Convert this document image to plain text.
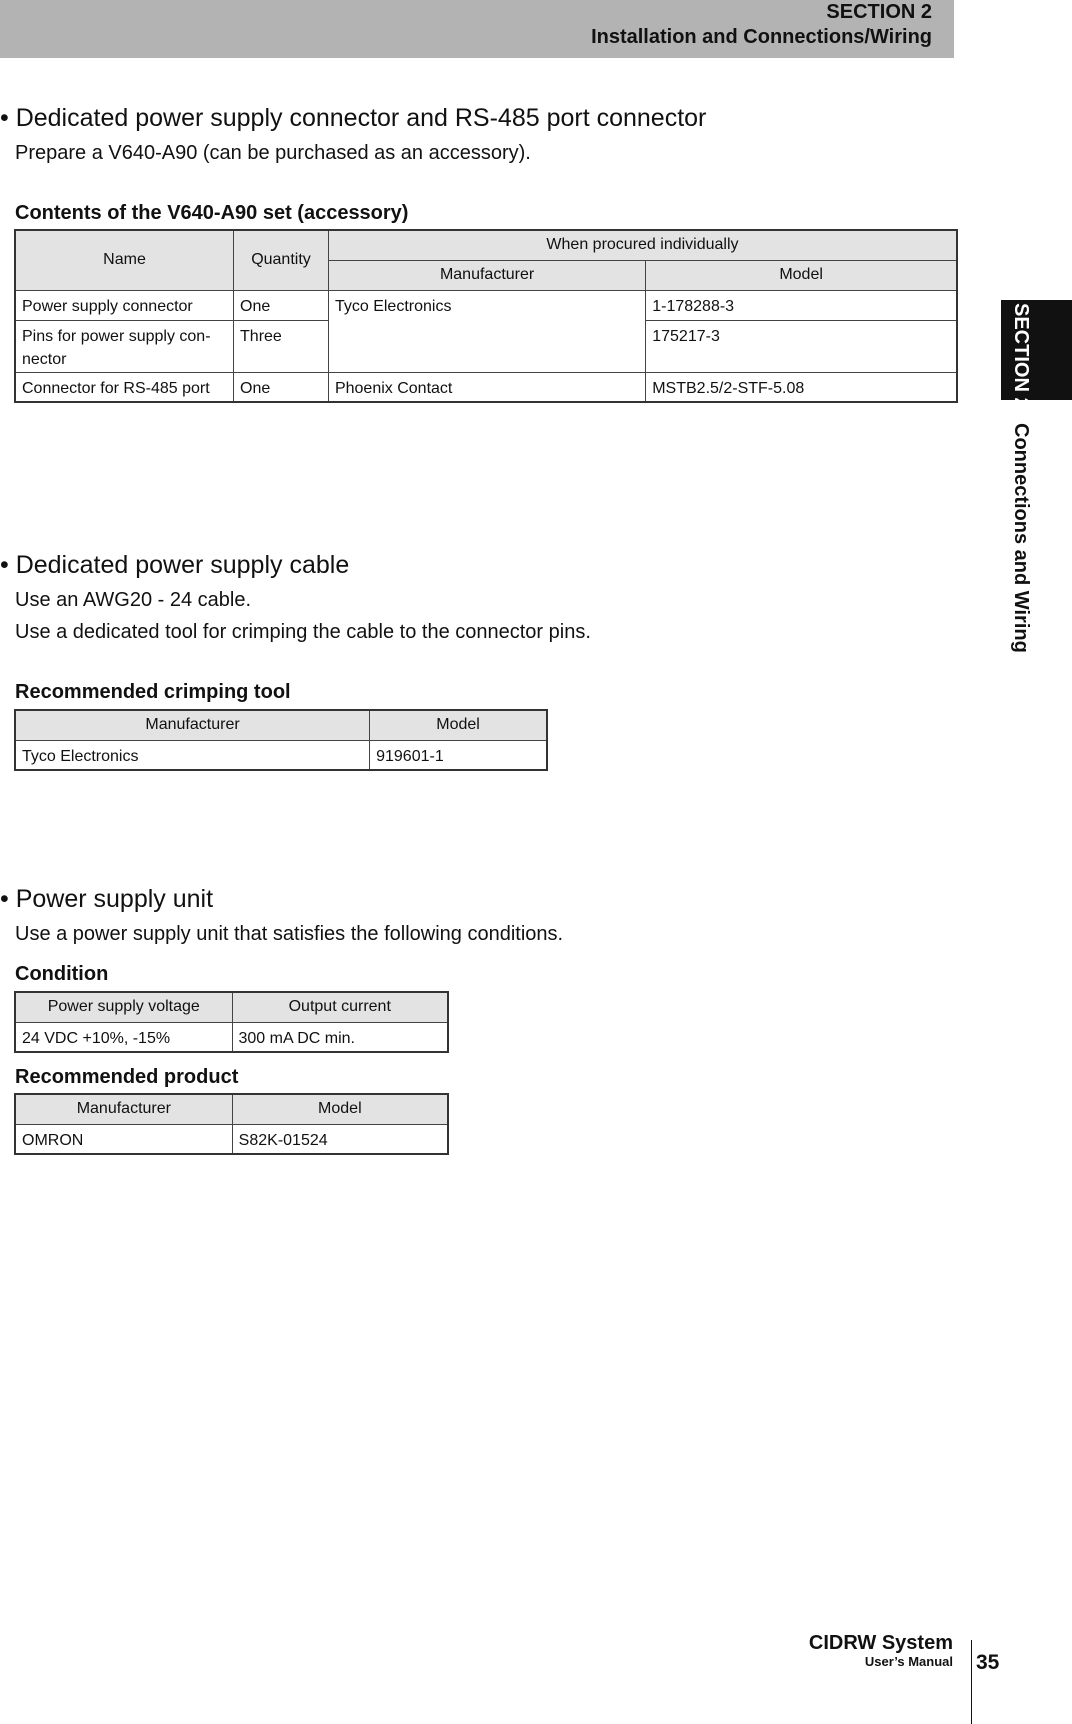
SECTION 2
Installation and Connections/Wiring
SECTION 2Connections and Wiring
• Dedicated power supply connector and RS-485 port connector
Prepare a V640-A90 (can be purchased as an accessory).
Contents of the V640-A90 set (accessory)
Name	Quantity	When procured individually	
		Manufacturer	Model
Power supply connector	One	Tyco Electronics	1-178288-3
Pins for power supply con-
nector	Three		175217-3
Connector for RS-485 port	One	Phoenix Contact	MSTB2.5/2-STF-5.08
• Dedicated power supply cable
Use an AWG20 - 24 cable.
Use a dedicated tool for crimping the cable to the connector pins.
Recommended crimping tool
Manufacturer	Model
Tyco Electronics	919601-1
• Power supply unit
Use a power supply unit that satisfies the following conditions.
Condition
Power supply voltage	Output current
24 VDC +10%, -15%	300 mA DC min.
Recommended product
Manufacturer	Model
OMRON	S82K-01524
CIDRW System
User’s Manual 35
